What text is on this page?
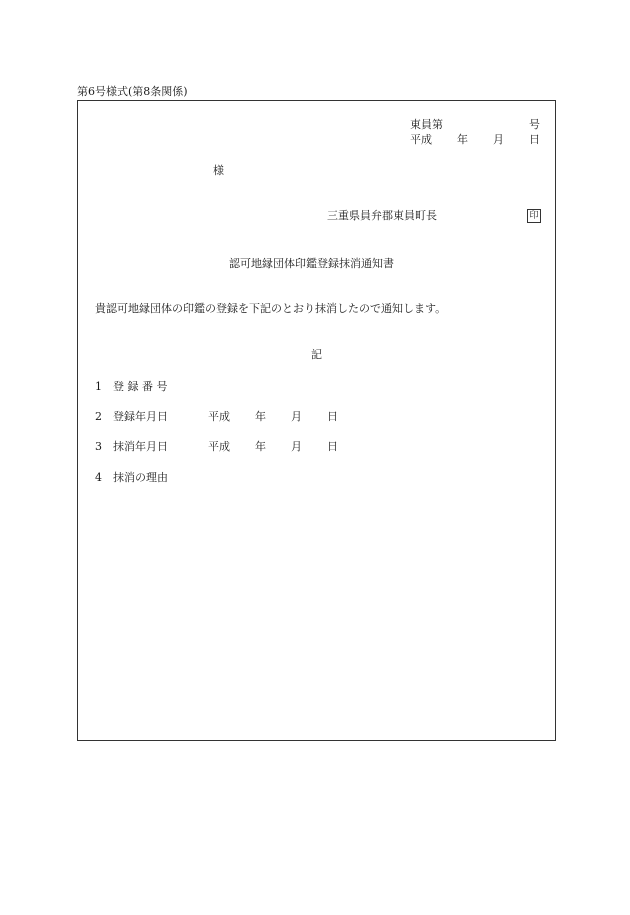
第6号様式(第8条関係)
東員第	号
平成 年 月 日
様
三重県員弁郡東員町長	印
認可地縁団体印鑑登録抹消通知書
貴認可地縁団体の印鑑の登録を下記のとおり抹消したので通知します。
記
1 登 録 番 号
2 登録年月日	平成 年 月 日
3 抹消年月日	平成 年 月 日
4 抹消の理由
